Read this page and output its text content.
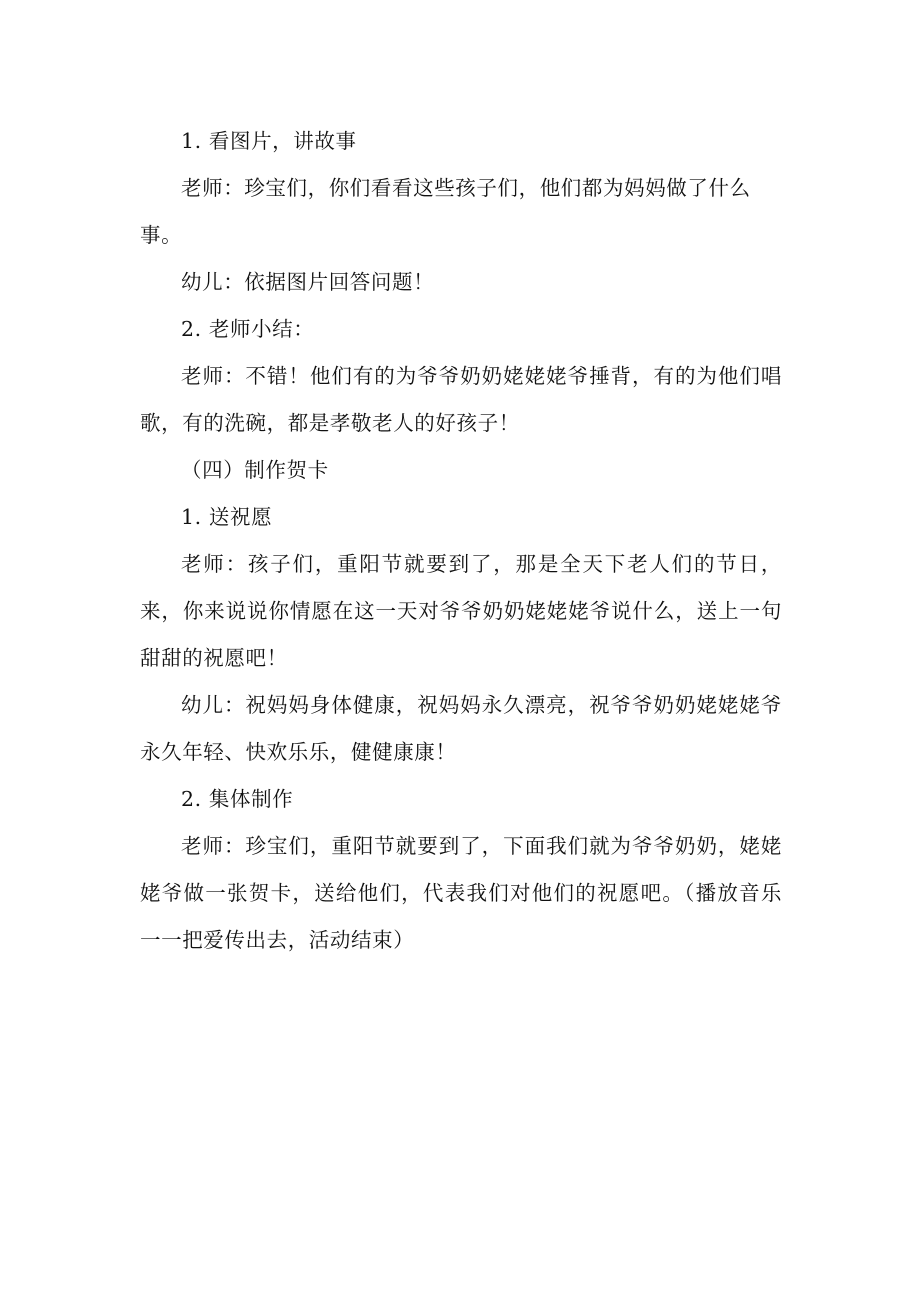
1. 看图片，讲故事

老师：珍宝们，你们看看这些孩子们，他们都为妈妈做了什么事。

幼儿：依据图片回答问题！

2. 老师小结：

老师：不错！他们有的为爷爷奶奶姥姥姥爷捶背，有的为他们唱歌，有的洗碗，都是孝敬老人的好孩子！

（四）制作贺卡

1. 送祝愿

老师：孩子们，重阳节就要到了，那是全天下老人们的节日，来，你来说说你情愿在这一天对爷爷奶奶姥姥姥爷说什么，送上一句甜甜的祝愿吧！

幼儿：祝妈妈身体健康，祝妈妈永久漂亮，祝爷爷奶奶姥姥姥爷永久年轻、快欢乐乐，健健康康！

2. 集体制作

老师：珍宝们，重阳节就要到了，下面我们就为爷爷奶奶，姥姥姥爷做一张贺卡，送给他们，代表我们对他们的祝愿吧。（播放音乐一一把爱传出去，活动结束）
